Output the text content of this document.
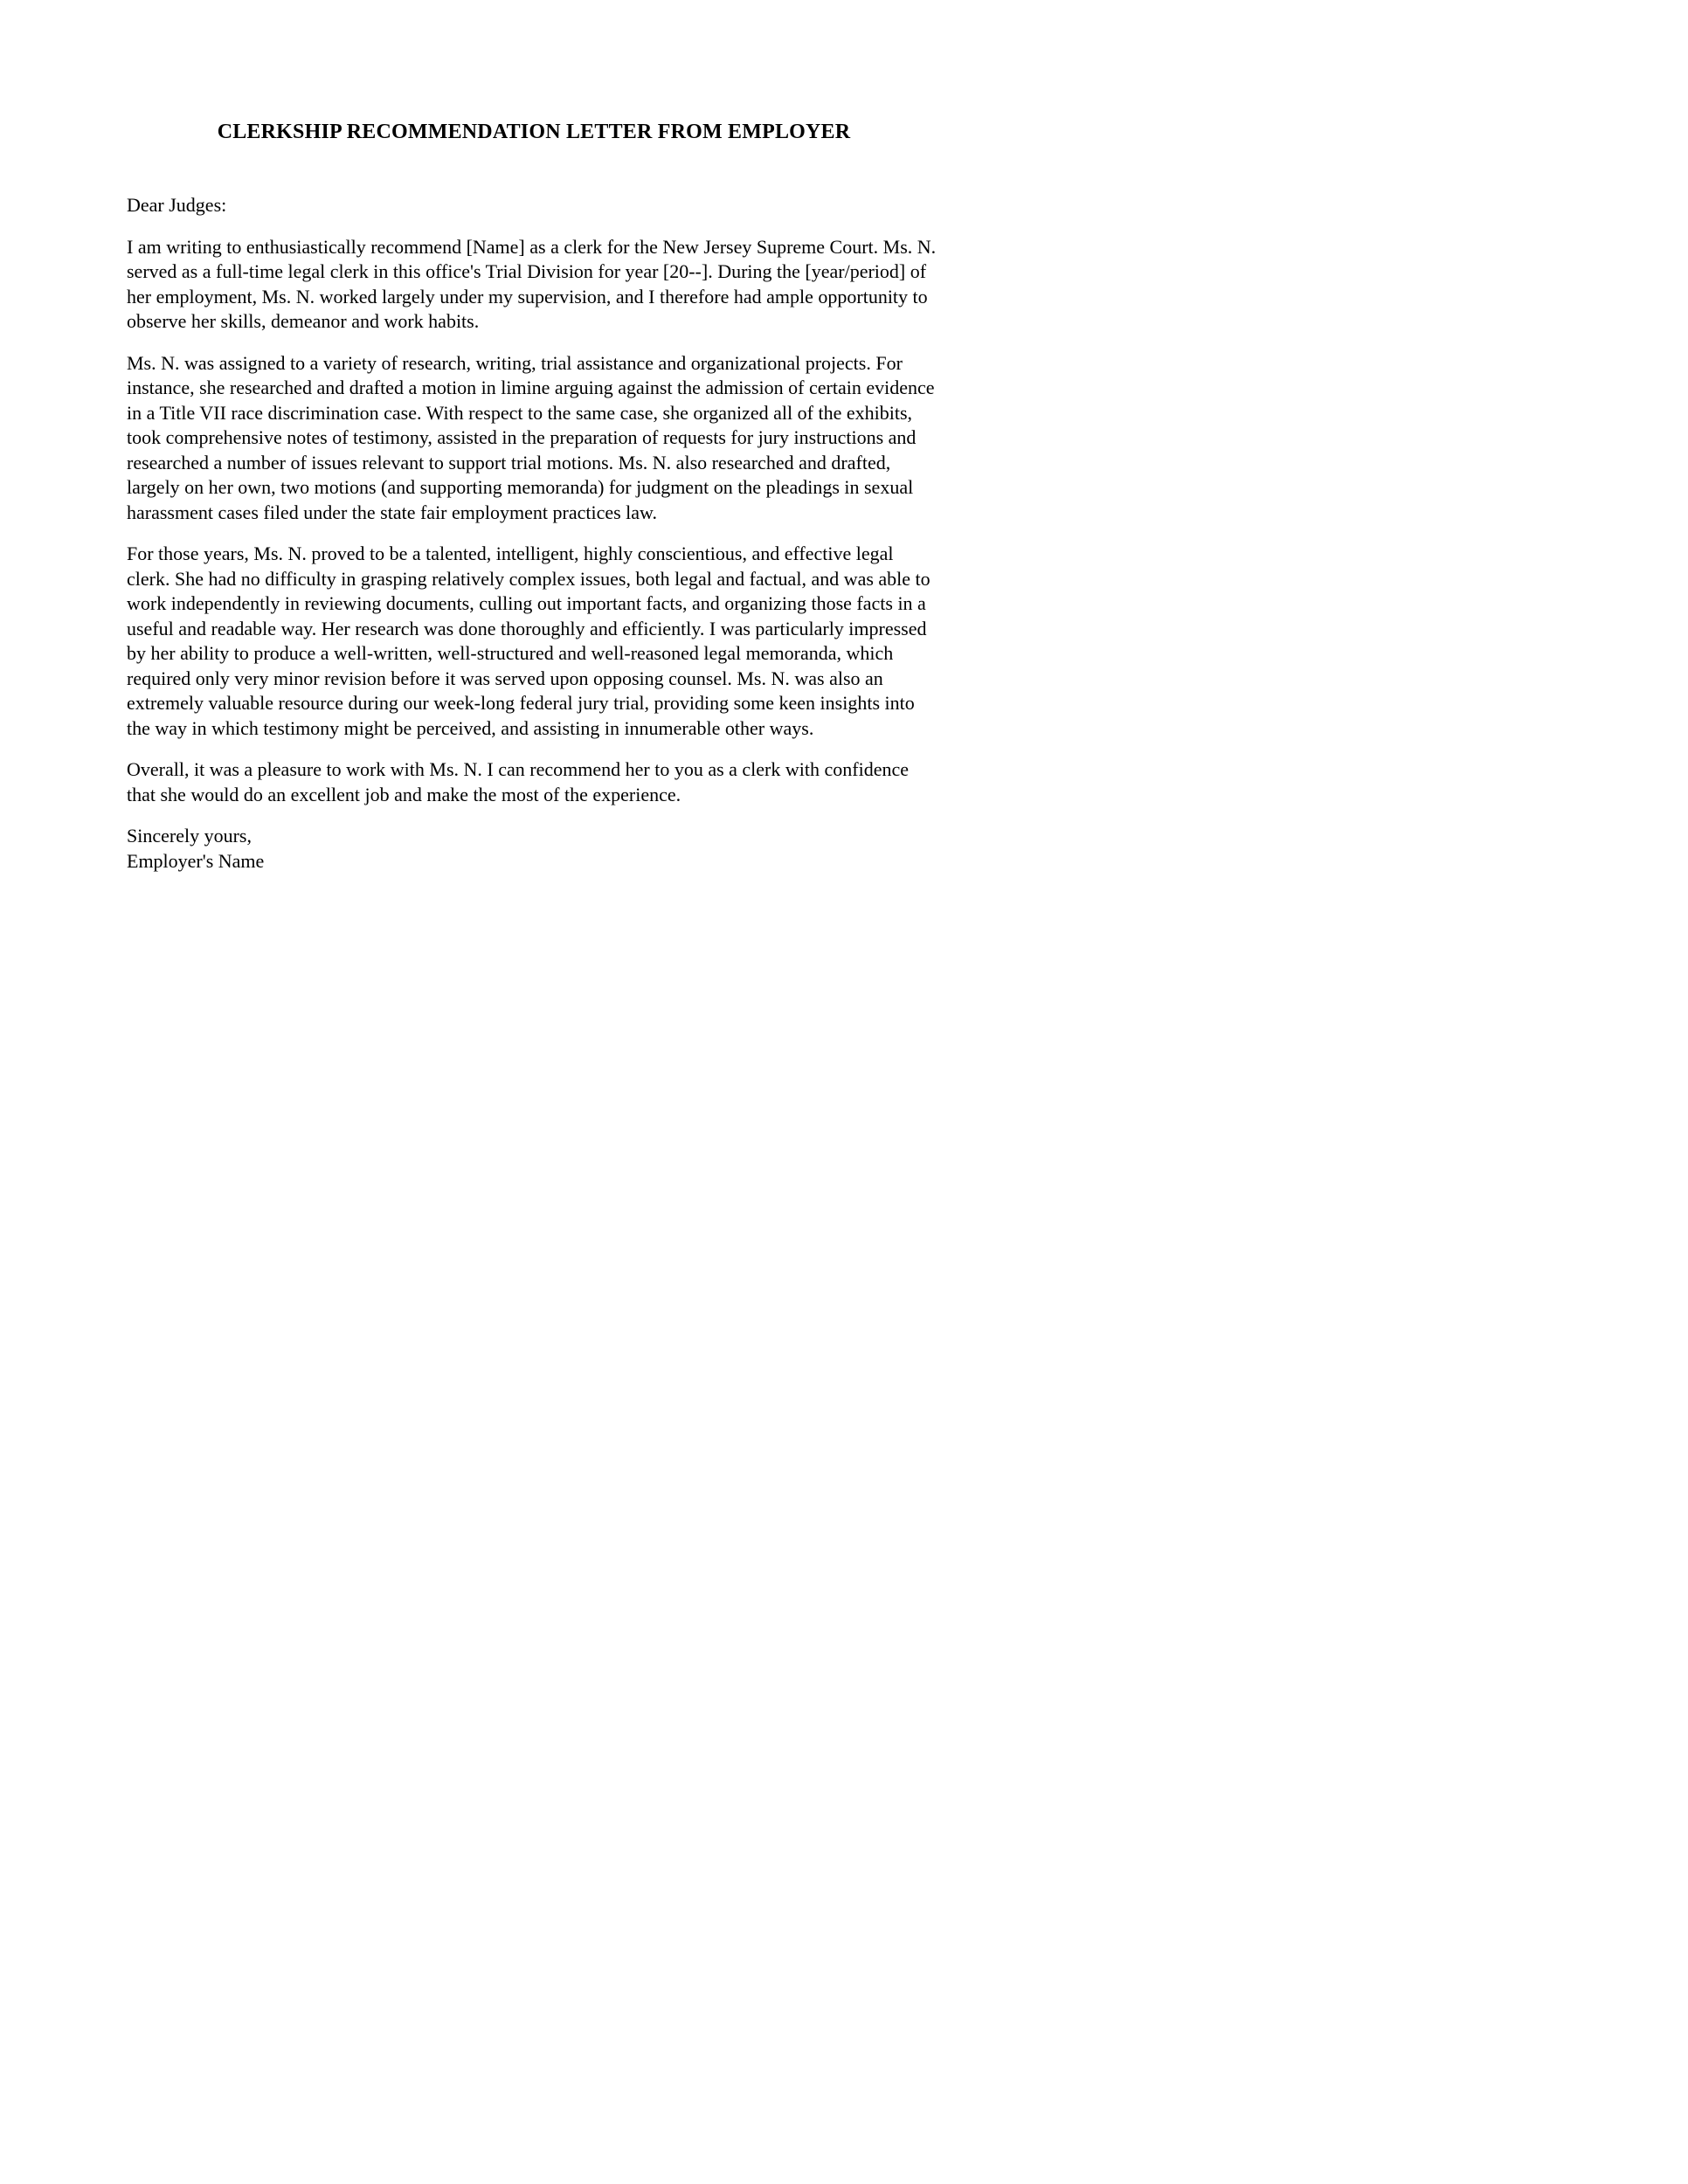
CLERKSHIP RECOMMENDATION LETTER FROM EMPLOYER

Dear Judges:

I am writing to enthusiastically recommend [Name] as a clerk for the New Jersey Supreme Court. Ms. N. served as a full-time legal clerk in this office's Trial Division for year [20--]. During the [year/period] of her employment, Ms. N. worked largely under my supervision, and I therefore had ample opportunity to observe her skills, demeanor and work habits.

Ms. N. was assigned to a variety of research, writing, trial assistance and organizational projects. For instance, she researched and drafted a motion in limine arguing against the admission of certain evidence in a Title VII race discrimination case. With respect to the same case, she organized all of the exhibits, took comprehensive notes of testimony, assisted in the preparation of requests for jury instructions and researched a number of issues relevant to support trial motions. Ms. N. also researched and drafted, largely on her own, two motions (and supporting memoranda) for judgment on the pleadings in sexual harassment cases filed under the state fair employment practices law.

For those years, Ms. N. proved to be a talented, intelligent, highly conscientious, and effective legal clerk. She had no difficulty in grasping relatively complex issues, both legal and factual, and was able to work independently in reviewing documents, culling out important facts, and organizing those facts in a useful and readable way. Her research was done thoroughly and efficiently. I was particularly impressed by her ability to produce a well-written, well-structured and well-reasoned legal memoranda, which required only very minor revision before it was served upon opposing counsel. Ms. N. was also an extremely valuable resource during our week-long federal jury trial, providing some keen insights into the way in which testimony might be perceived, and assisting in innumerable other ways.

Overall, it was a pleasure to work with Ms. N. I can recommend her to you as a clerk with confidence that she would do an excellent job and make the most of the experience.

Sincerely yours,
Employer's Name
